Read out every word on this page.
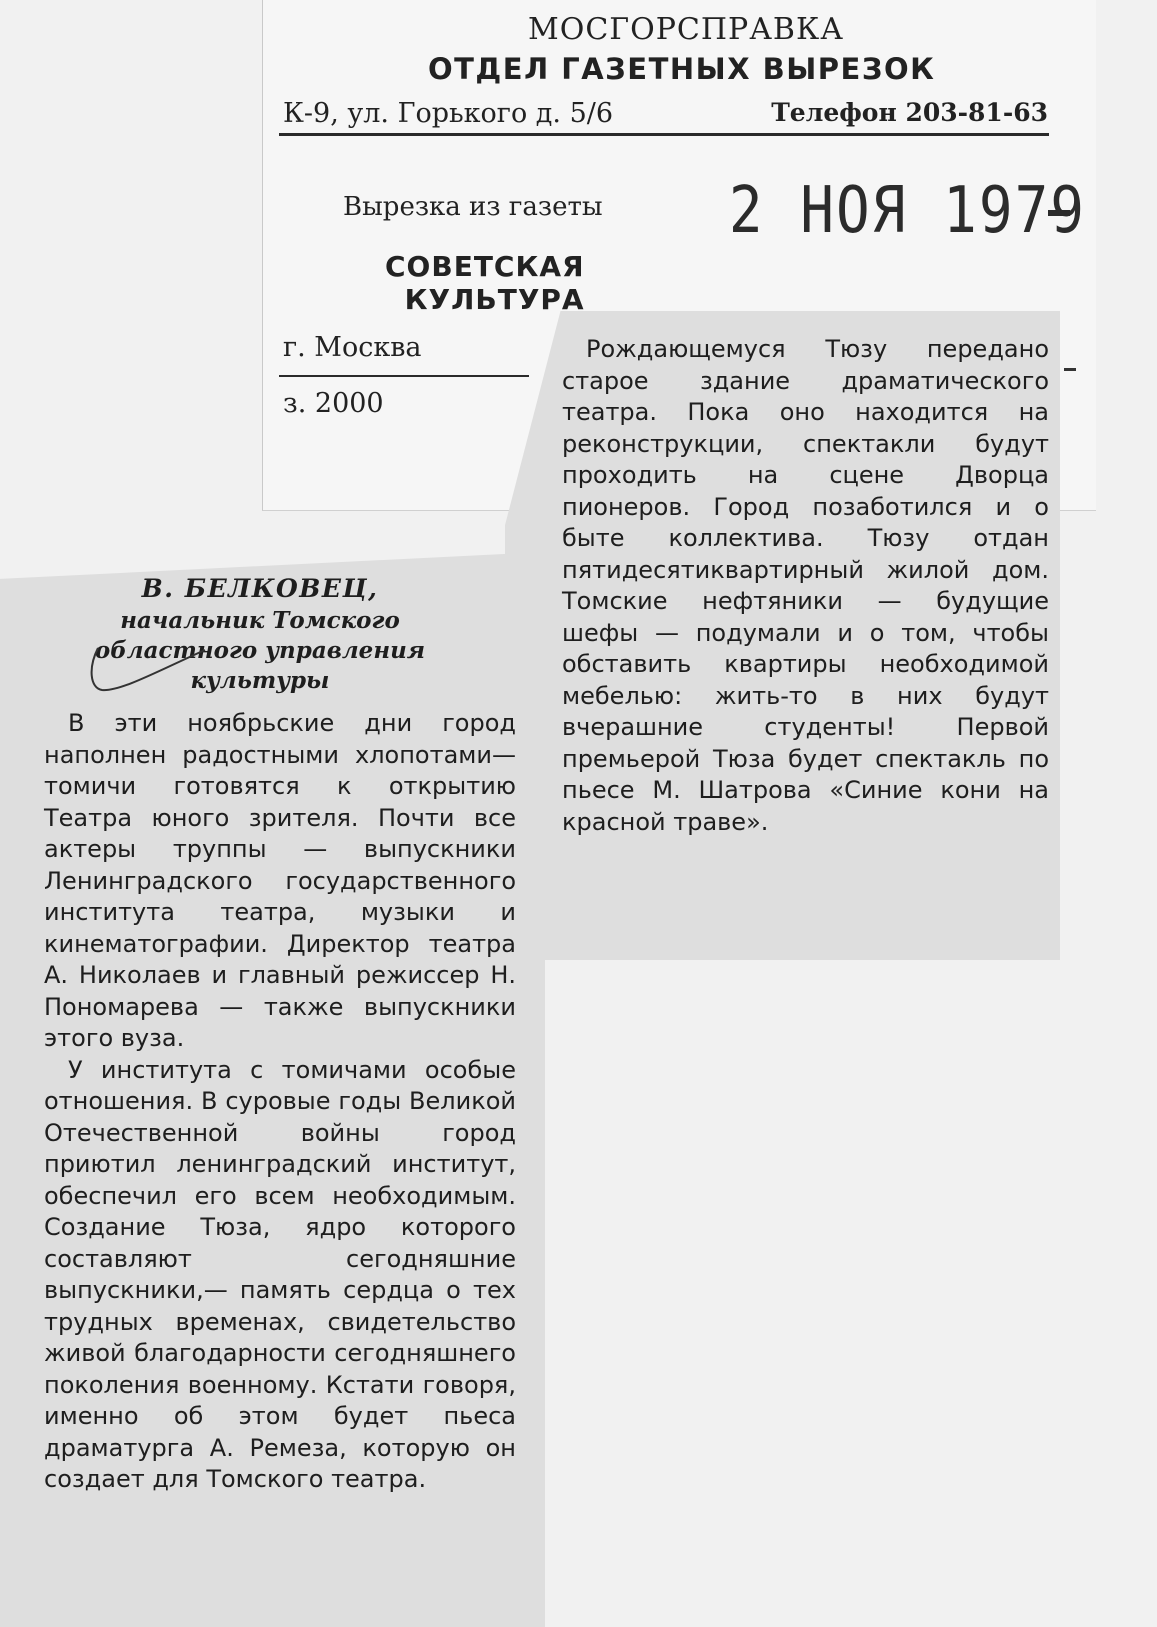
МОСГОРСПРАВКА
ОТДЕЛ ГАЗЕТНЫХ ВЫРЕЗОК
К-9, ул. Горького д. 5/6	Телефон 203-81-63
Вырезка из газеты 2 НОЯ 1979
СОВЕТСКАЯ
КУЛЬТУРА
г. Москва
з. 2000
В. БЕЛКОВЕЦ,
начальник Томского
областного управления
культуры

В эти ноябрьские дни город наполнен радостными хлопотами—томичи готовятся к открытию Театра юного зрителя. Почти все актеры труппы — выпускники Ленинградского государственного института театра, музыки и кинематографии. Директор театра А. Николаев и главный режиссер Н. Пономарева — также выпускники этого вуза.

У института с томичами особые отношения. В суровые годы Великой Отечественной войны город приютил ленинградский институт, обеспечил его всем необходимым. Создание Тюза, ядро которого составляют сегодняшние выпускники,— память сердца о тех трудных временах, свидетельство живой благодарности сегодняшнего поколения военному. Кстати говоря, именно об этом будет пьеса драматурга А. Ремеза, которую он создает для Томского театра.

Рождающемуся Тюзу передано старое здание драматического театра. Пока оно находится на реконструкции, спектакли будут проходить на сцене Дворца пионеров. Город позаботился и о быте коллектива. Тюзу отдан пятидесятиквартирный жилой дом. Томские нефтяники — будущие шефы — подумали и о том, чтобы обставить квартиры необходимой мебелью: жить-то в них будут вчерашние студенты! Первой премьерой Тюза будет спектакль по пьесе М. Шатрова «Синие кони на красной траве».
